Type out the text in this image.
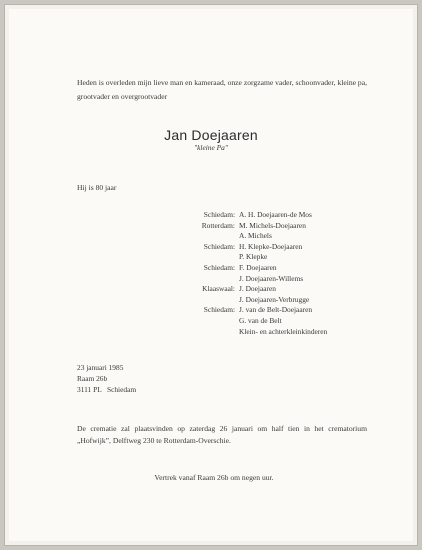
Heden is overleden mijn lieve man en kameraad, onze zorgzame vader, schoonvader, kleine pa, grootvader en overgrootvader
Jan Doejaaren
"kleine Pa"
Hij is 80 jaar
Schiedam: A. H. Doejaaren-de Mos
Rotterdam: M. Michels-Doejaaren
A. Michels
Schiedam: H. Klepke-Doejaaren
P. Klepke
Schiedam: F. Doejaaren
J. Doejaaren-Willems
Klaaswaal: J. Doejaaren
J. Doejaaren-Verbrugge
Schiedam: J. van de Belt-Doejaaren
G. van de Belt
Klein- en achterkleinkinderen
23 januari 1985
Raam 26b
3111 PL   Schiedam
De crematie zal plaatsvinden op zaterdag 26 januari om half tien in het crematorium „Hofwijk”, Delftweg 230 te Rotterdam-Overschie.
Vertrek vanaf Raam 26b om negen uur.
